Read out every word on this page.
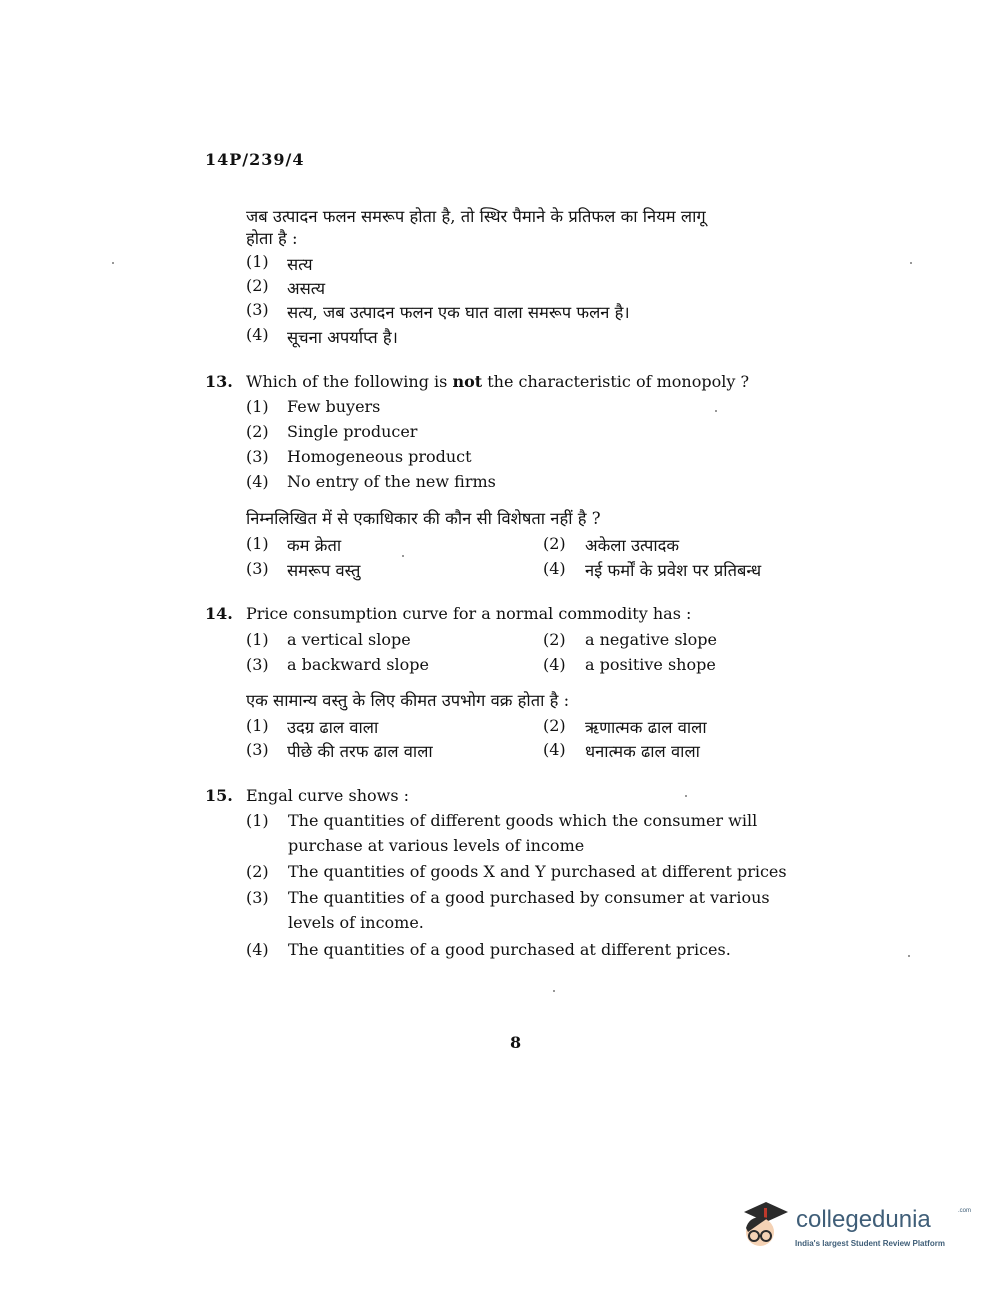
14P/239/4
जब उत्पादन फलन समरूप होता है, तो स्थिर पैमाने के प्रतिफल का नियम लागू
होता है :
(1) सत्य
(2) असत्य
(3) सत्य, जब उत्पादन फलन एक घात वाला समरूप फलन है।
(4) सूचना अपर्याप्त है।
13. Which of the following is not the characteristic of monopoly ?
(1) Few buyers
(2) Single producer
(3) Homogeneous product
(4) No entry of the new firms
निम्नलिखित में से एकाधिकार की कौन सी विशेषता नहीं है ?
(1) कम क्रेता	(2) अकेला उत्पादक
(3) समरूप वस्तु	(4) नई फर्मों के प्रवेश पर प्रतिबन्ध
14. Price consumption curve for a normal commodity has :
(1) a vertical slope	(2) a negative slope
(3) a backward slope	(4) a positive shope
एक सामान्य वस्तु के लिए कीमत उपभोग वक्र होता है :
(1) उदग्र ढाल वाला	(2) ऋणात्मक ढाल वाला
(3) पीछे की तरफ ढाल वाला	(4) धनात्मक ढाल वाला
15. Engal curve shows :
(1) The quantities of different goods which the consumer will
purchase at various levels of income
(2) The quantities of goods X and Y purchased at different prices
(3) The quantities of a good purchased by consumer at various
levels of income.
(4) The quantities of a good purchased at different prices.
8
collegedunia	.com
India's largest Student Review Platform
